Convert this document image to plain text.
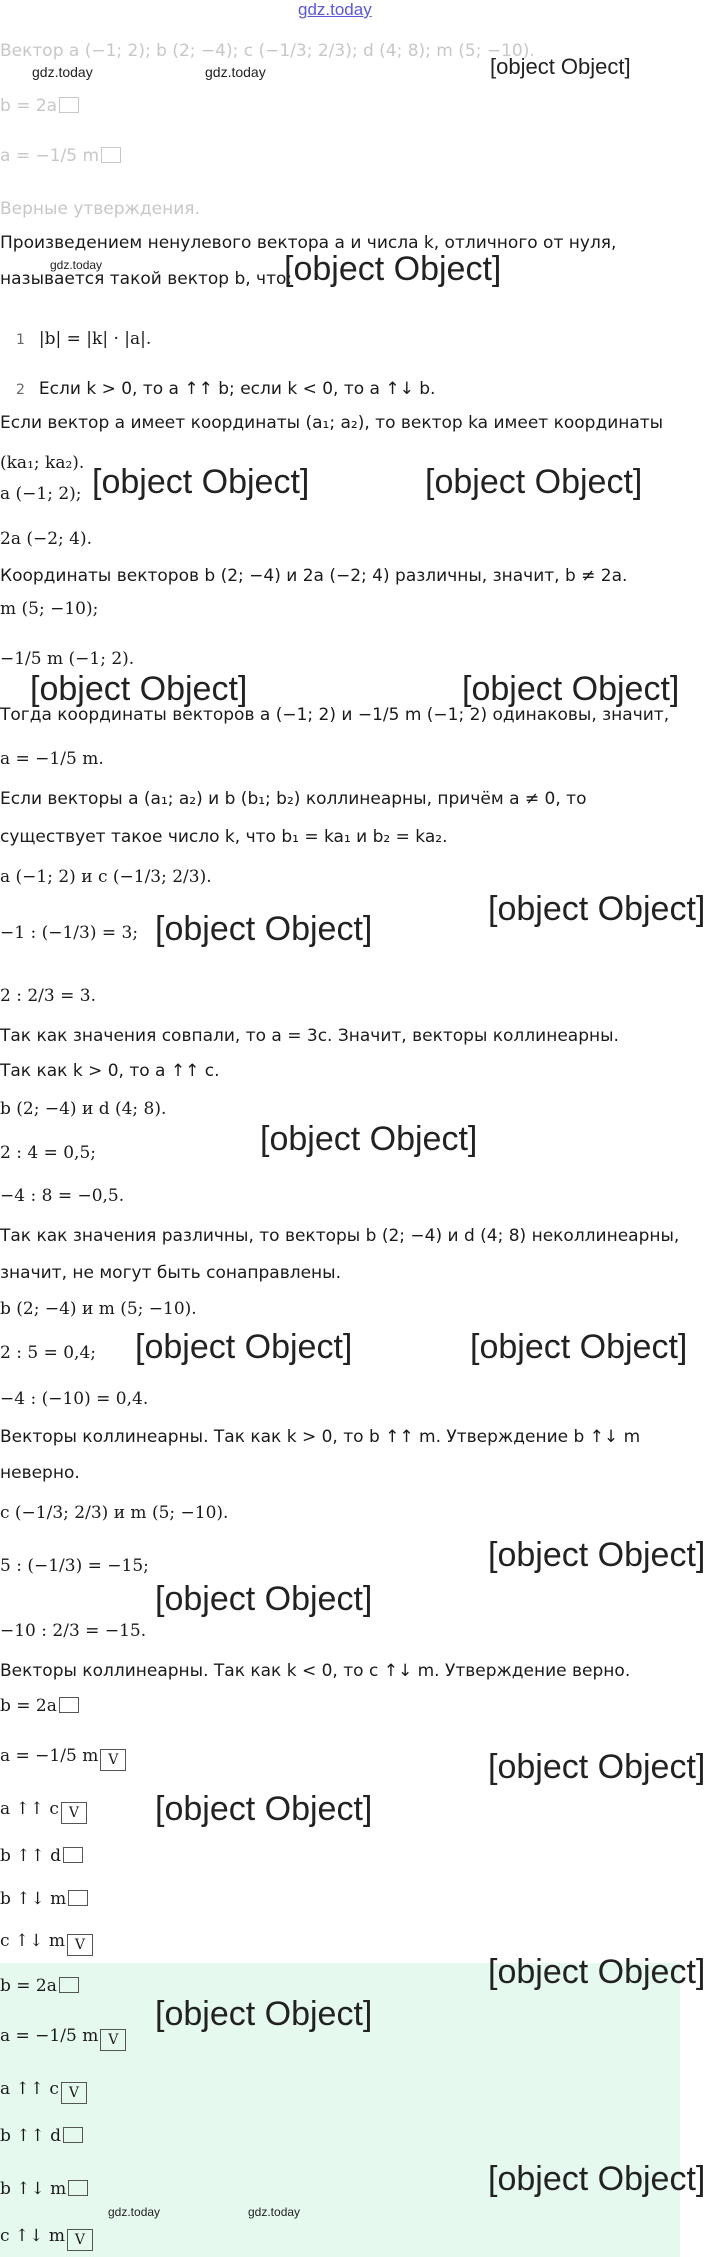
gdz.today
Вектор a (−1; 2); b (2; −4); c (−1/3; 2/3); d (4; 8); m (5; −10).
b = 2a
a = −1/5 m
Верные утверждения.
Произведением ненулевого вектора a и числа k, отличного от нуля,
называется такой вектор b, что:
1 |b| = |k| · |a|.
2 Если k > 0, то a ↑↑ b; если k < 0, то a ↑↓ b.
Если вектор a имеет координаты (a₁; a₂), то вектор ka имеет координаты
(ka₁; ka₂).
a (−1; 2);
2a (−2; 4).
Координаты векторов b (2; −4) и 2a (−2; 4) различны, значит, b ≠ 2a.
m (5; −10);
−1/5 m (−1; 2).
Тогда координаты векторов a (−1; 2) и −1/5 m (−1; 2) одинаковы, значит,
a = −1/5 m.
Если векторы a (a₁; a₂) и b (b₁; b₂) коллинеарны, причём a ≠ 0, то
существует такое число k, что b₁ = ka₁ и b₂ = ka₂.
a (−1; 2) и c (−1/3; 2/3).
−1 : (−1/3) = 3;
2 : 2/3 = 3.
Так как значения совпали, то a = 3c. Значит, векторы коллинеарны.
Так как k > 0, то a ↑↑ c.
b (2; −4) и d (4; 8).
2 : 4 = 0,5;
−4 : 8 = −0,5.
Так как значения различны, то векторы b (2; −4) и d (4; 8) неколлинеарны,
значит, не могут быть сонаправлены.
b (2; −4) и m (5; −10).
2 : 5 = 0,4;
−4 : (−10) = 0,4.
Векторы коллинеарны. Так как k > 0, то b ↑↑ m. Утверждение b ↑↓ m
неверно.
c (−1/3; 2/3) и m (5; −10).
5 : (−1/3) = −15;
−10 : 2/3 = −15.
Векторы коллинеарны. Так как k < 0, то c ↑↓ m. Утверждение верно.
b = 2a
a = −1/5 m V
a ↑↑ c V
b ↑↑ d
b ↑↓ m
c ↑↓ m V
b = 2a
a = −1/5 m V
a ↑↑ c V
b ↑↑ d
b ↑↓ m
c ↑↓ m V
gdz.today	gdz.today
gdz.today
gdz.today	gdz.today
[object Object]
[object Object]
[object Object]	[object Object]
[object Object]	[object Object]
[object Object]
[object Object]
[object Object]
[object Object]	[object Object]
[object Object]
[object Object]
[object Object]
[object Object]
[object Object]
[object Object]
[object Object]
